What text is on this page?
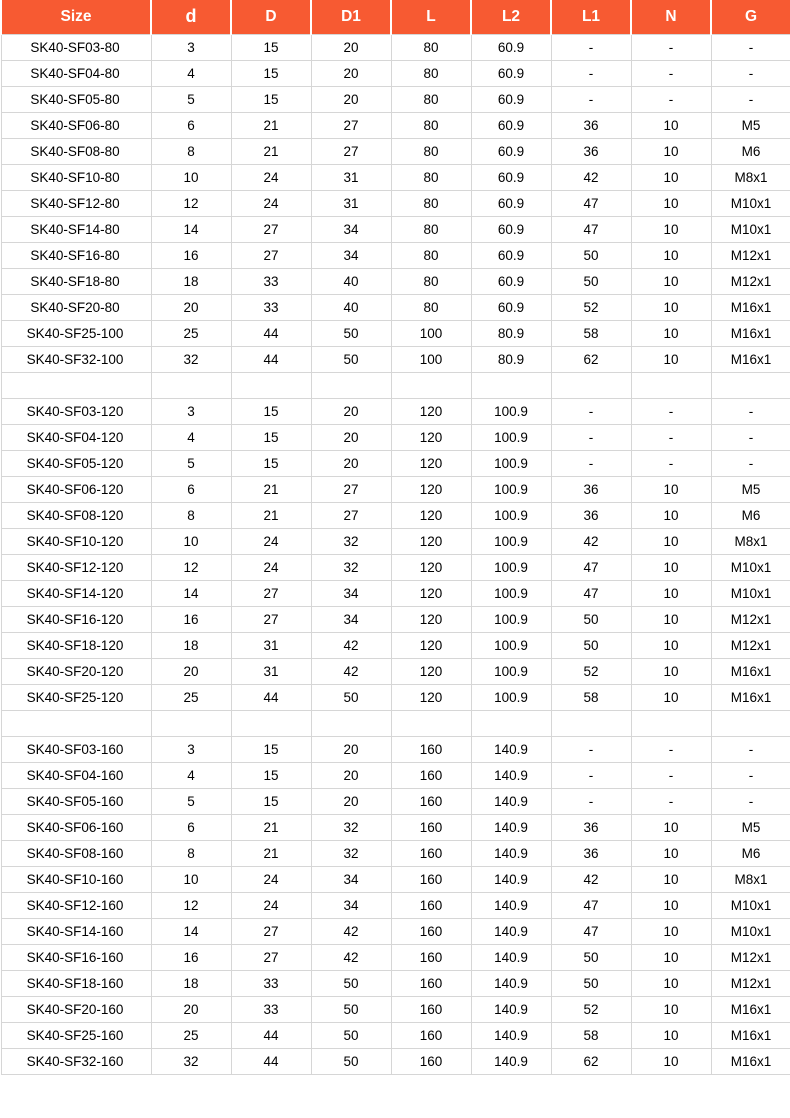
Size	d	D	D1	L	L2	L1	N	G
SK40-SF03-80	3	15	20	80	60.9	-	-	-
SK40-SF04-80	4	15	20	80	60.9	-	-	-
SK40-SF05-80	5	15	20	80	60.9	-	-	-
SK40-SF06-80	6	21	27	80	60.9	36	10	M5
SK40-SF08-80	8	21	27	80	60.9	36	10	M6
SK40-SF10-80	10	24	31	80	60.9	42	10	M8x1
SK40-SF12-80	12	24	31	80	60.9	47	10	M10x1
SK40-SF14-80	14	27	34	80	60.9	47	10	M10x1
SK40-SF16-80	16	27	34	80	60.9	50	10	M12x1
SK40-SF18-80	18	33	40	80	60.9	50	10	M12x1
SK40-SF20-80	20	33	40	80	60.9	52	10	M16x1
SK40-SF25-100	25	44	50	100	80.9	58	10	M16x1
SK40-SF32-100	32	44	50	100	80.9	62	10	M16x1

SK40-SF03-120	3	15	20	120	100.9	-	-	-
SK40-SF04-120	4	15	20	120	100.9	-	-	-
SK40-SF05-120	5	15	20	120	100.9	-	-	-
SK40-SF06-120	6	21	27	120	100.9	36	10	M5
SK40-SF08-120	8	21	27	120	100.9	36	10	M6
SK40-SF10-120	10	24	32	120	100.9	42	10	M8x1
SK40-SF12-120	12	24	32	120	100.9	47	10	M10x1
SK40-SF14-120	14	27	34	120	100.9	47	10	M10x1
SK40-SF16-120	16	27	34	120	100.9	50	10	M12x1
SK40-SF18-120	18	31	42	120	100.9	50	10	M12x1
SK40-SF20-120	20	31	42	120	100.9	52	10	M16x1
SK40-SF25-120	25	44	50	120	100.9	58	10	M16x1

SK40-SF03-160	3	15	20	160	140.9	-	-	-
SK40-SF04-160	4	15	20	160	140.9	-	-	-
SK40-SF05-160	5	15	20	160	140.9	-	-	-
SK40-SF06-160	6	21	32	160	140.9	36	10	M5
SK40-SF08-160	8	21	32	160	140.9	36	10	M6
SK40-SF10-160	10	24	34	160	140.9	42	10	M8x1
SK40-SF12-160	12	24	34	160	140.9	47	10	M10x1
SK40-SF14-160	14	27	42	160	140.9	47	10	M10x1
SK40-SF16-160	16	27	42	160	140.9	50	10	M12x1
SK40-SF18-160	18	33	50	160	140.9	50	10	M12x1
SK40-SF20-160	20	33	50	160	140.9	52	10	M16x1
SK40-SF25-160	25	44	50	160	140.9	58	10	M16x1
SK40-SF32-160	32	44	50	160	140.9	62	10	M16x1
